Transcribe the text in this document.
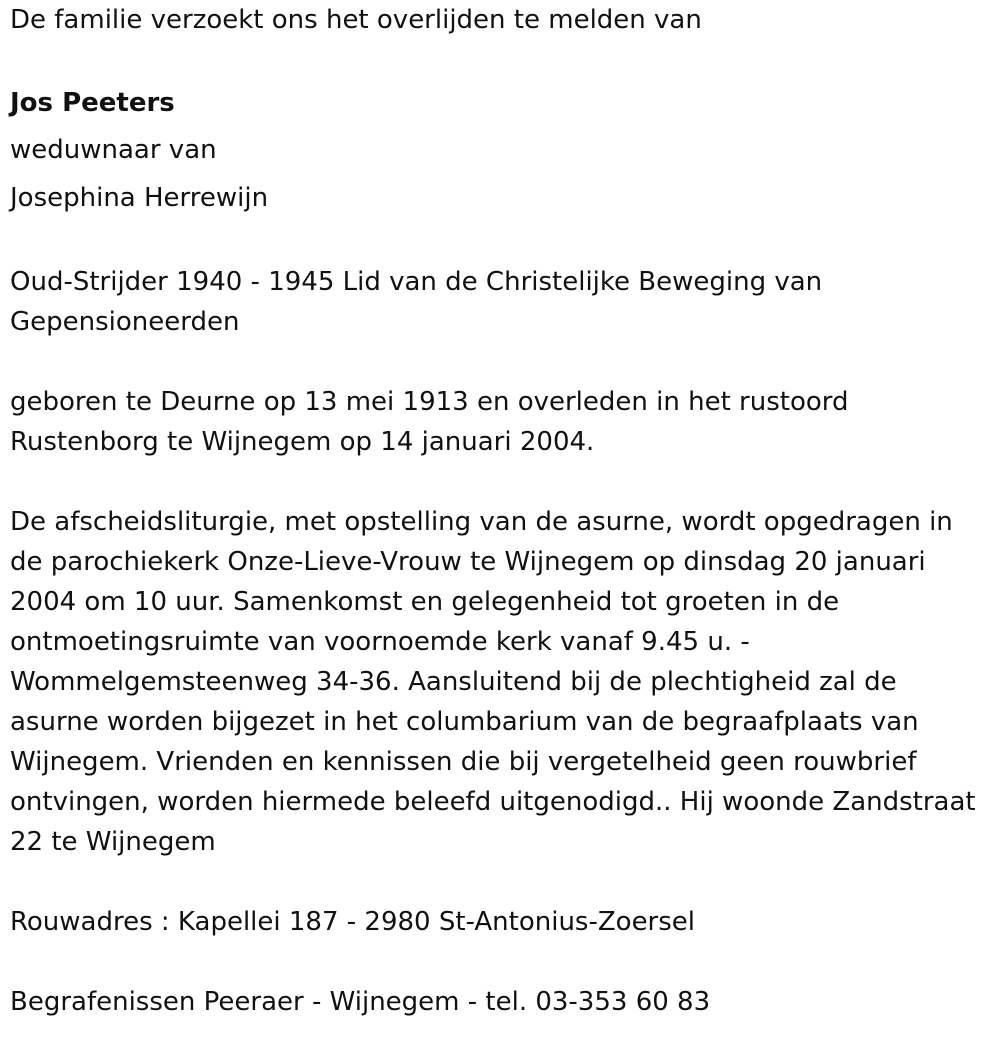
De familie verzoekt ons het overlijden te melden van

Jos Peeters

weduwnaar van

Josephina Herrewijn

Oud-Strijder 1940 - 1945 Lid van de Christelijke Beweging van Gepensioneerden

geboren te Deurne op 13 mei 1913 en overleden in het rustoord Rustenborg te Wijnegem op 14 januari 2004.

De afscheidsliturgie, met opstelling van de asurne, wordt opgedragen in de parochiekerk Onze-Lieve-Vrouw te Wijnegem op dinsdag 20 januari 2004 om 10 uur. Samenkomst en gelegenheid tot groeten in de ontmoetingsruimte van voornoemde kerk vanaf 9.45 u. - Wommelgemsteenweg 34-36. Aansluitend bij de plechtigheid zal de asurne worden bijgezet in het columbarium van de begraafplaats van Wijnegem. Vrienden en kennissen die bij vergetelheid geen rouwbrief ontvingen, worden hiermede beleefd uitgenodigd.. Hij woonde Zandstraat 22 te Wijnegem

Rouwadres : Kapellei 187 - 2980 St-Antonius-Zoersel

Begrafenissen Peeraer - Wijnegem - tel. 03-353 60 83
